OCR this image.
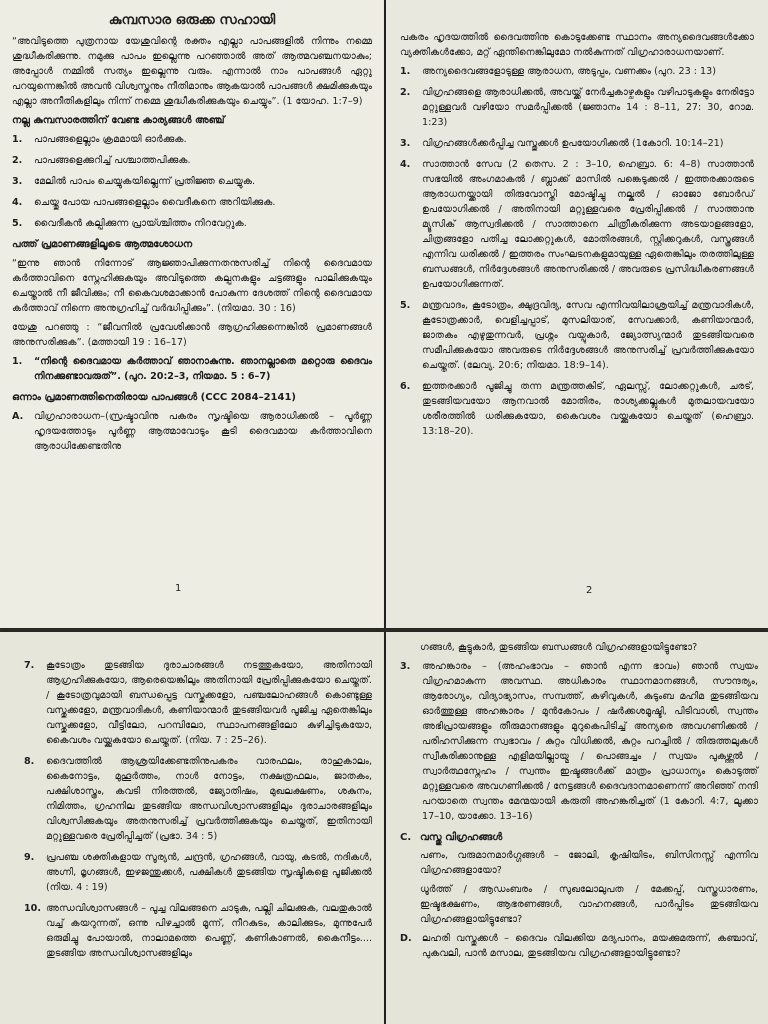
കുമ്പസാര ഒരുക്ക സഹായി

“അവിടുത്തെ പുത്രനായ യേശുവിന്റെ രക്തം എല്ലാ പാപങ്ങളിൽ നിന്നും നമ്മെ ശുദ്ധീകരിക്കുന്നു. നമുക്കു പാപം ഇല്ലെന്നു പറഞ്ഞാൽ അത് ആത്മവഞ്ചനയാകും; അപ്പോൾ നമ്മിൽ സത്യം ഇല്ലെന്നു വരും. എന്നാൽ നാം പാപങ്ങൾ ഏറ്റു പറയുന്നെങ്കിൽ അവൻ വിശ്വസ്തനും നീതിമാനും ആകയാൽ പാപങ്ങൾ ക്ഷമിക്കുകയും എല്ലാ അനീതികളിലും നിന്ന് നമ്മെ ശുദ്ധീകരിക്കുകയും ചെയ്യും”. (1 യോഹ. 1:7–9)

നല്ല കുമ്പസാരത്തിന് വേണ്ട കാര്യങ്ങൾ അഞ്ച്
1.	പാപങ്ങളെല്ലാം ക്രമമായി ഓർക്കുക.
2.	പാപങ്ങളെക്കുറിച്ച് പശ്ചാത്തപിക്കുക.
3.	മേലിൽ പാപം ചെയ്യുകയില്ലെന്ന് പ്രതിജ്ഞ ചെയ്യുക.
4.	ചെയ്തു പോയ പാപങ്ങളെല്ലാം വൈദീകനെ അറിയിക്കുക.
5.	വൈദീകൻ കല്പിക്കുന്ന പ്രായ്ശ്ചിത്തം നിറവേറ്റുക.
പത്ത് പ്രമാണങ്ങളിലൂടെ ആത്മശോധന

“ഇന്നു ഞാൻ നിന്നോട് ആജ്ഞാപിക്കുന്നതനുസരിച്ച് നിന്റെ ദൈവമായ കർത്താവിനെ സ്നേഹിക്കുകയും അവിടുത്തെ കല്പനകളും ചട്ടങ്ങളും പാലിക്കുകയും ചെയ്താൽ നീ ജീവിക്കും; നീ കൈവശമാക്കാൻ പോകുന്ന ദേശത്ത് നിന്റെ ദൈവമായ കർത്താവ് നിന്നെ അനുഗ്രഹിച്ച് വർദ്ധിപ്പിക്കും”. (നിയമാ. 30 : 16)

യേശു പറഞ്ഞു : “ജീവനിൽ പ്രവേശിക്കാൻ ആഗ്രഹിക്കുന്നെങ്കിൽ പ്രമാണങ്ങൾ അനുസരിക്കുക”. (മത്തായി 19 : 16–17)

1.	“നിന്റെ ദൈവമായ കർത്താവ് ഞാനാകുന്നു. ഞാനല്ലാതെ മറ്റൊരു ദൈവം നിനക്കുണ്ടാവരുത്”. (പുറ. 20:2–3, നിയമാ. 5 : 6–7)
ഒന്നാം പ്രമാണത്തിനെതിരായ പാപങ്ങൾ (CCC 2084–2141)
A.	വിഗ്രഹാരാധന–(സ്രഷ്ടാവിനു പകരം സൃഷ്ടിയെ ആരാധിക്കൽ – പൂർണ്ണ ഹൃദയത്തോടും പൂർണ്ണ ആത്മാവോടും കൂടി ദൈവമായ കർത്താവിനെ ആരാധിക്കേണ്ടതിനു
1

പകരം ഹൃദയത്തിൽ ദൈവത്തിനു കൊടുക്കേണ്ട സ്ഥാനം അന്യദൈവങ്ങൾക്കോ വ്യക്തികൾക്കോ, മറ്റ് ഏന്തിനെങ്കിലുമോ നൽകുന്നത് വിഗ്രഹാരാധനയാണ്.

1.	അന്യദൈവങ്ങളോടുള്ള ആരാധന, അടുപ്പം, വണക്കം (പുറ. 23 : 13)
2.	വിഗ്രഹങ്ങളെ ആരാധിക്കൽ, അവയ്ക്ക് നേർച്ചകാഴ്ചകളും വഴിപാടുകളും നേരിട്ടോ മറ്റുള്ളവർ വഴിയോ സമർപ്പിക്കൽ (ജ്ഞാനം 14 : 8–11, 27: 30, റോമ. 1:23)
3.	വിഗ്രഹങ്ങൾക്കർപ്പിച്ച വസ്തുക്കൾ ഉപയോഗിക്കൽ (1കോറി. 10:14–21)
4.	സാത്താൻ സേവ (2 തെസ. 2 : 3–10, ഹെബ്രാ. 6: 4–8) സാത്താൻ സഭയിൽ അംഗമാകൽ / ബ്ലാക്ക് മാസിൽ പങ്കെടുക്കൽ / ഇത്തരക്കാരുടെ ആരാധനയ്ക്കായി തിരുവോസ്തി മോഷ്ടിച്ചു നല്കൽ / ഓജോ ബോർഡ് ഉപയോഗിക്കൽ / അതിനായി മറ്റുള്ളവരെ പ്രേരിപ്പിക്കൽ / സാത്താനു മ്യൂസിക് ആസ്വദിക്കൽ / സാത്താനെ ചിത്രീകരിക്കുന്ന അടയാളങ്ങളോ, ചിത്രങ്ങളോ പതിച്ച ലോക്കറ്റുകൾ, മോതിരങ്ങൾ, സ്റ്റിക്കറുകൾ, വസ്ത്രങ്ങൾ എന്നിവ ധരിക്കൽ / ഇത്തരം സംഘടനകളുമായുള്ള ഏതെങ്കിലും തരത്തിലുള്ള ബന്ധങ്ങൾ, നിർദ്ദേശങ്ങൾ അനുസരിക്കൽ / അവരുടെ പ്രസിദ്ധീകരണങ്ങൾ ഉപയോഗിക്കുന്നത്.
5.	മന്ത്രവാദം, കൂടോത്രം, ക്ഷുദ്രവിദ്യ, സേവ എന്നിവയിലാശ്രയിച്ച് മന്ത്രവാദികൾ, കൂടോത്രക്കാർ, വെളിച്ചപ്പാട്, മുസലിയാര്, സേവക്കാർ, കണിയാന്മാർ, ജാതകം എഴുതുന്നവർ, പ്രശ്നം വയ്പുകാർ, ജ്യോത്സ്യന്മാർ തുടങ്ങിയവരെ സമീപിക്കുകയോ അവരുടെ നിർദ്ദേശങ്ങൾ അനുസരിച്ച് പ്രവർത്തിക്കുകയോ ചെയ്തത്. (ലേവ്യ. 20:6; നിയമാ. 18:9–14).
6.	ഇത്തരക്കാർ പൂജിച്ചു തന്ന മന്ത്രത്തകിട്, ഏലസ്സ്, ലോക്കറ്റുകൾ, ചരട്, തുടങ്ങിയവയോ ആനവാൽ മോതിരം, രാശ്യക്കല്ലുകൾ മുതലായവയോ ശരീരത്തിൽ ധരിക്കുകയോ, കൈവശം വയ്ക്കുകയോ ചെയ്തത് (ഹെബ്രാ. 13:18–20).
2
7.	കൂടോത്രം തുടങ്ങിയ ദുരാചാരങ്ങൾ നടത്തുകയോ, അതിനായി ആഗ്രഹിക്കുകയോ, ആരെയെങ്കിലും അതിനായി പ്രേരിപ്പിക്കുകയോ ചെയ്തത്. / കൂടോത്രവുമായി ബന്ധപ്പെട്ട വസ്തുക്കളോ, പഞ്ചലോഹങ്ങൾ കൊണ്ടുള്ള വസ്തുക്കളോ, മന്ത്രവാദികൾ, കണിയാന്മാർ തുടങ്ങിയവർ പൂജിച്ച ഏതെങ്കിലും വസ്തുക്കളോ, വീട്ടിലോ, പറമ്പിലോ, സ്ഥാപനങ്ങളിലോ കുഴിച്ചിടുകയോ, കൈവശം വയ്ക്കുകയോ ചെയ്തത്. (നിയ. 7 : 25–26).
8.	ദൈവത്തിൽ ആശ്രയിക്കേണ്ടതിനുപകരം വാരഫലം, രാഹുകാലം, കൈനോട്ടം, മുഹൂർത്തം, നാൾ നോട്ടം, നക്ഷത്രഫലം, ജാതകം, പക്ഷിശാസ്ത്രം, കവടി നിരത്തൽ, ജ്യോതിഷം, മുഖലക്ഷണം, ശകുനം, നിമിത്തം, ഗ്രഹനില തുടങ്ങിയ അന്ധവിശ്വാസങ്ങളിലും ദുരാചാരങ്ങളിലും വിശ്വസിക്കുകയും അതനുസരിച്ച് പ്രവർത്തിക്കുകയും ചെയ്തത്, ഇതിനായി മറ്റുള്ളവരെ പ്രേരിപ്പിച്ചത് (പ്രഭാ. 34 : 5)
9.	പ്രപഞ്ച ശക്തികളായ സൂര്യൻ, ചന്ദ്രൻ, ഗ്രഹങ്ങൾ, വായു, കടൽ, നദികൾ, അഗ്നി, മൃഗങ്ങൾ, ഇഴജന്തുക്കൾ, പക്ഷികൾ തുടങ്ങിയ സൃഷ്ടികളെ പൂജിക്കൽ (നിയ. 4 : 19)
10. അന്ധവിശ്വാസങ്ങൾ – പൂച്ച വിലങ്ങനെ ചാടുക, പല്ലി ചിലക്കുക, വലതുകാൽ വച്ച് കയറുന്നത്, ഒന്നു പിഴച്ചാൽ മൂന്ന്, നീറകുടം, കാലിക്കുടം, മുന്നുപേർ ഒരുമിച്ചു പോയാൽ, നാലാമത്തെ പെണ്ണ്, കണികാണൽ, കൈനീട്ടം.... തുടങ്ങിയ അന്ധവിശ്വാസങ്ങളിലും

ഗങ്ങൾ, കൂട്ടുകാർ, തുടങ്ങിയ ബന്ധങ്ങൾ വിഗ്രഹങ്ങളായിട്ടുണ്ടോ?

3.	അഹങ്കാരം – (അഹംഭാവം – ഞാൻ എന്ന ഭാവം) ഞാൻ സ്വയം വിഗ്രഹമാകുന്ന അവസ്ഥ. അധികാരം സ്ഥാനമാനങ്ങൾ, സൗന്ദര്യം, ആരോഗ്യം, വിദ്യാഭ്യാസം, സമ്പത്ത്, കഴിവുകൾ, കുടുംബ മഹിമ തുടങ്ങിയവ ഓർത്തുള്ള അഹങ്കാരം / മുൻകോപം / ഷർക്കശമൂഷ്ടി, പിടിവാശി, സ്വന്തം അഭിപ്രായങ്ങളും തീരുമാനങ്ങളും മുറുകെപിടിച്ച് അന്യരെ അവഗണിക്കൽ / പരിഹസിക്കുന്ന സ്വഭാവം / കുറ്റം വിധിക്കൽ, കുറ്റം പറച്ചിൽ / തിരുത്തലുകൾ സ്വീകരിക്കാനുള്ള എളിമയില്ലായ്മ / പൊങ്ങച്ചം / സ്വയം പുകഴ്ത്തൽ / സ്വാർത്ഥസ്നേഹം / സ്വന്തം ഇഷ്ടങ്ങൾക്ക് മാത്രം പ്രാധാന്യം കൊടുത്ത് മറ്റുള്ളവരെ അവഗണിക്കൽ / നേട്ടങ്ങൾ ദൈവദാനമാണെന്ന് അറിഞ്ഞ് നന്ദി പറയാതെ സ്വന്തം മേന്മയായി കരുതി അഹങ്കരിച്ചത് (1 കോറി. 4:7, ലൂക്കാ 17–10, യാക്കോ. 13–16)
C. വസ്തു വിഗ്രഹങ്ങൾ

പണം, വരുമാനമാർഗ്ഗങ്ങൾ – ജോലി, കൃഷിയിടം, ബിസിനസ്സ് എന്നിവ വിഗ്രഹങ്ങളായോ?

ധൂർത്ത് / ആഡംബരം / സുഖലോലുപത / മേക്കപ്പ്, വസ്ത്രധാരണം, ഇഷ്ടഭക്ഷണം, ആഭരണങ്ങൾ, വാഹനങ്ങൾ, പാർപ്പിടം തുടങ്ങിയവ വിഗ്രഹങ്ങളായിട്ടുണ്ടോ?

D.	ലഹരി വസ്തുക്കൾ – ദൈവം വിലക്കിയ മദ്യപാനം, മയക്കുമരുന്ന്, കഞ്ചാവ്, പുകവലി, പാൻ മസാല, തുടങ്ങിയവ വിഗ്രഹങ്ങളായിട്ടുണ്ടോ?
